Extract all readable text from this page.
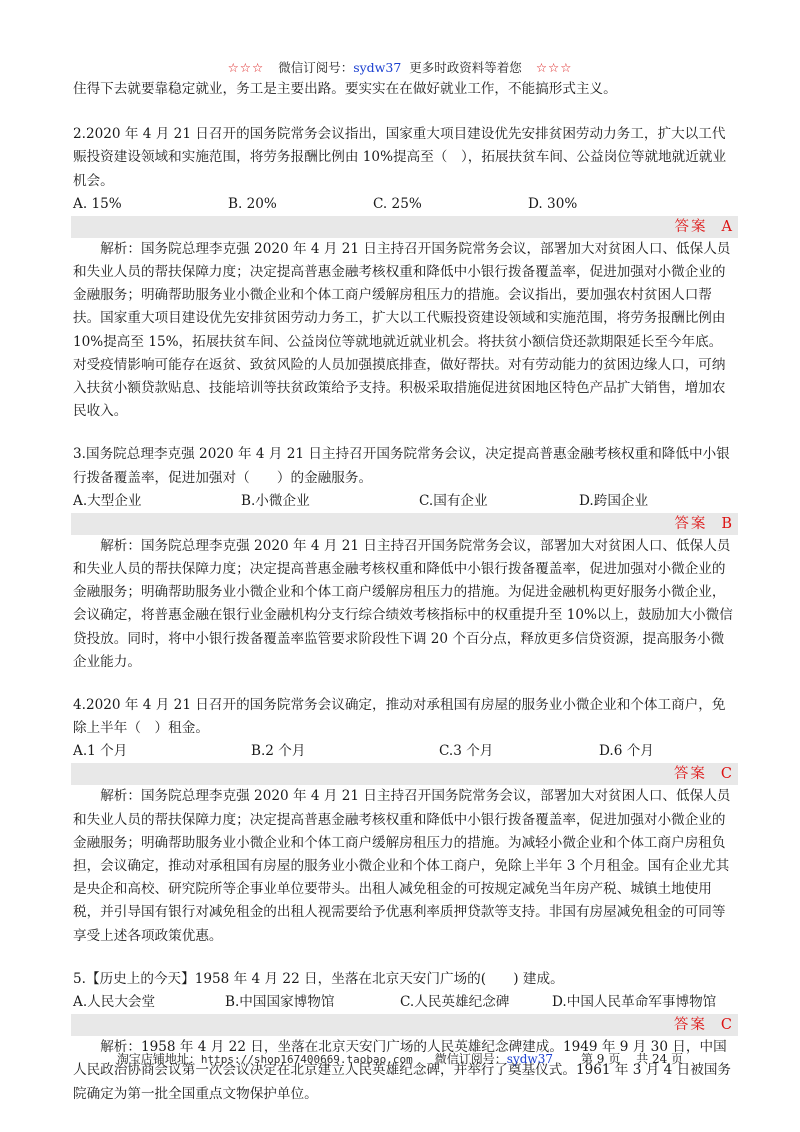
☆☆☆ 微信订阅号：sydw37 更多时政资料等着您 ☆☆☆

住得下去就要靠稳定就业，务工是主要出路。要实实在在做好就业工作，不能搞形式主义。

2.2020 年 4 月 21 日召开的国务院常务会议指出，国家重大项目建设优先安排贫困劳动力务工，扩大以工代赈投资建设领域和实施范围，将劳务报酬比例由 10%提高至（　），拓展扶贫车间、公益岗位等就地就近就业机会。

A. 15%	B. 20%	C. 25%	D. 30%
答案 A

解析：国务院总理李克强 2020 年 4 月 21 日主持召开国务院常务会议，部署加大对贫困人口、低保人员和失业人员的帮扶保障力度；决定提高普惠金融考核权重和降低中小银行拨备覆盖率，促进加强对小微企业的金融服务；明确帮助服务业小微企业和个体工商户缓解房租压力的措施。会议指出，要加强农村贫困人口帮扶。国家重大项目建设优先安排贫困劳动力务工，扩大以工代赈投资建设领域和实施范围，将劳务报酬比例由 10%提高至 15%，拓展扶贫车间、公益岗位等就地就近就业机会。将扶贫小额信贷还款期限延长至今年底。对受疫情影响可能存在返贫、致贫风险的人员加强摸底排查，做好帮扶。对有劳动能力的贫困边缘人口，可纳入扶贫小额贷款贴息、技能培训等扶贫政策给予支持。积极采取措施促进贫困地区特色产品扩大销售，增加农民收入。

3.国务院总理李克强 2020 年 4 月 21 日主持召开国务院常务会议，决定提高普惠金融考核权重和降低中小银行拨备覆盖率，促进加强对（　　）的金融服务。

A.大型企业	B.小微企业	C.国有企业	D.跨国企业
答案 B

解析：国务院总理李克强 2020 年 4 月 21 日主持召开国务院常务会议，部署加大对贫困人口、低保人员和失业人员的帮扶保障力度；决定提高普惠金融考核权重和降低中小银行拨备覆盖率，促进加强对小微企业的金融服务；明确帮助服务业小微企业和个体工商户缓解房租压力的措施。为促进金融机构更好服务小微企业，会议确定，将普惠金融在银行业金融机构分支行综合绩效考核指标中的权重提升至 10%以上，鼓励加大小微信贷投放。同时，将中小银行拨备覆盖率监管要求阶段性下调 20 个百分点，释放更多信贷资源，提高服务小微企业能力。

4.2020 年 4 月 21 日召开的国务院常务会议确定，推动对承租国有房屋的服务业小微企业和个体工商户，免除上半年（　）租金。

A.1 个月	B.2 个月	C.3 个月	D.6 个月
答案 C

解析：国务院总理李克强 2020 年 4 月 21 日主持召开国务院常务会议，部署加大对贫困人口、低保人员和失业人员的帮扶保障力度；决定提高普惠金融考核权重和降低中小银行拨备覆盖率，促进加强对小微企业的金融服务；明确帮助服务业小微企业和个体工商户缓解房租压力的措施。为减轻小微企业和个体工商户房租负担，会议确定，推动对承租国有房屋的服务业小微企业和个体工商户，免除上半年 3 个月租金。国有企业尤其是央企和高校、研究院所等企事业单位要带头。出租人减免租金的可按规定减免当年房产税、城镇土地使用税，并引导国有银行对减免租金的出租人视需要给予优惠利率质押贷款等支持。非国有房屋减免租金的可同等享受上述各项政策优惠。

5.【历史上的今天】1958 年 4 月 22 日，坐落在北京天安门广场的(　　) 建成。

A.人民大会堂	B.中国国家博物馆	C.人民英雄纪念碑	D.中国人民革命军事博物馆
答案 C

解析：1958 年 4 月 22 日，坐落在北京天安门广场的人民英雄纪念碑建成。1949 年 9 月 30 日，中国人民政治协商会议第一次会议决定在北京建立人民英雄纪念碑，并举行了奠基仪式。1961 年 3 月 4 日被国务院确定为第一批全国重点文物保护单位。

淘宝店铺地址：https://shop167400669.taobao.com 微信订阅号：sydw37 第 9 页 共 24 页
